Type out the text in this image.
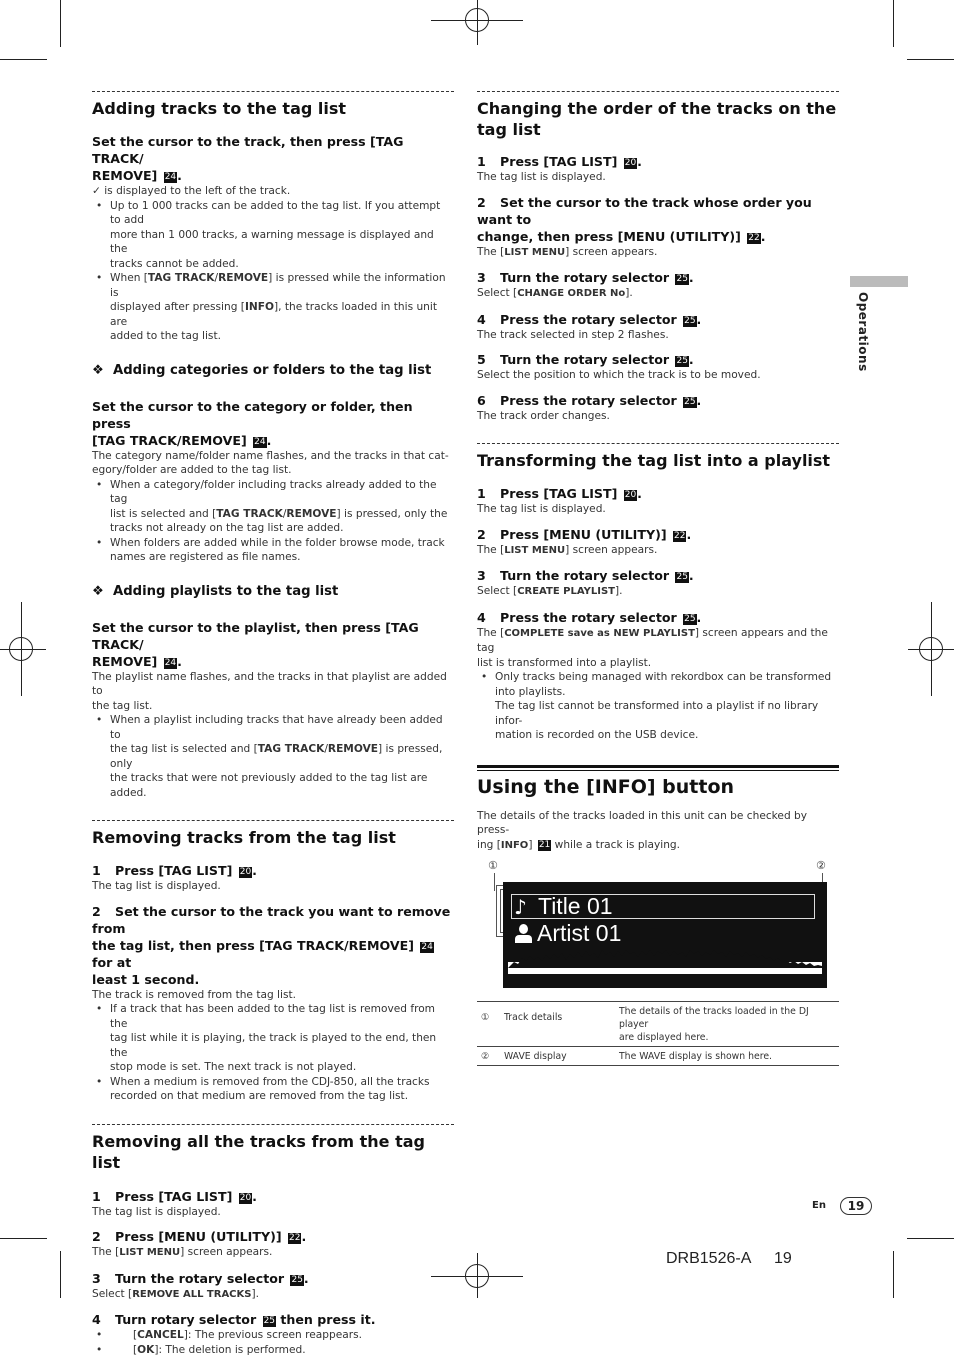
Operations
Adding tracks to the tag list
Set the cursor to the track, then press [TAG TRACK/
REMOVE] 24.
✓ is displayed to the left of the track.
• Up to 1 000 tracks can be added to the tag list. If you attempt to add
more than 1 000 tracks, a warning message is displayed and the
tracks cannot be added.
• When [TAG TRACK/REMOVE] is pressed while the information is
displayed after pressing [INFO], the tracks loaded in this unit are
added to the tag list.
❖  Adding categories or folders to the tag list
Set the cursor to the category or folder, then press
[TAG TRACK/REMOVE] 24.
The category name/folder name flashes, and the tracks in that cat-
egory/folder are added to the tag list.
• When a category/folder including tracks already added to the tag
list is selected and [TAG TRACK/REMOVE] is pressed, only the
tracks not already on the tag list are added.
• When folders are added while in the folder browse mode, track
names are registered as file names.
❖  Adding playlists to the tag list
Set the cursor to the playlist, then press [TAG TRACK/
REMOVE] 24.
The playlist name flashes, and the tracks in that playlist are added to
the tag list.
• When a playlist including tracks that have already been added to
the tag list is selected and [TAG TRACK/REMOVE] is pressed, only
the tracks that were not previously added to the tag list are added.
Removing tracks from the tag list
1 Press [TAG LIST] 20.
The tag list is displayed.
2 Set the cursor to the track you want to remove from
the tag list, then press [TAG TRACK/REMOVE] 24 for at
least 1 second.
The track is removed from the tag list.
• If a track that has been added to the tag list is removed from the
tag list while it is playing, the track is played to the end, then the
stop mode is set. The next track is not played.
• When a medium is removed from the CDJ-850, all the tracks
recorded on that medium are removed from the tag list.
Removing all the tracks from the tag list
1 Press [TAG LIST] 20.
The tag list is displayed.
2 Press [MENU (UTILITY)] 22.
The [LIST MENU] screen appears.
3 Turn the rotary selector 25.
Select [REMOVE ALL TRACKS].
4 Turn rotary selector 25 then press it.
• [CANCEL]: The previous screen reappears.
• [OK]: The deletion is performed.
Changing the order of the tracks on the
tag list
1 Press [TAG LIST] 20.
The tag list is displayed.
2 Set the cursor to the track whose order you want to
change, then press [MENU (UTILITY)] 22.
The [LIST MENU] screen appears.
3 Turn the rotary selector 25.
Select [CHANGE ORDER No].
4 Press the rotary selector 25.
The track selected in step 2 flashes.
5 Turn the rotary selector 25.
Select the position to which the track is to be moved.
6 Press the rotary selector 25.
The track order changes.
Transforming the tag list into a playlist
1 Press [TAG LIST] 20.
The tag list is displayed.
2 Press [MENU (UTILITY)] 22.
The [LIST MENU] screen appears.
3 Turn the rotary selector 25.
Select [CREATE PLAYLIST].
4 Press the rotary selector 25.
The [COMPLETE save as NEW PLAYLIST] screen appears and the tag
list is transformed into a playlist.
• Only tracks being managed with rekordbox can be transformed
into playlists.
The tag list cannot be transformed into a playlist if no library infor-
mation is recorded on the USB device.
Using the [INFO] button
The details of the tracks loaded in this unit can be checked by press-
ing [INFO] 21 while a track is playing.
①	②
♪ Title 01
Artist 01
①	Track details
The details of the tracks loaded in the DJ player
are displayed here.
②	WAVE display	The WAVE display is shown here.
En	19
DRB1526-A 19
